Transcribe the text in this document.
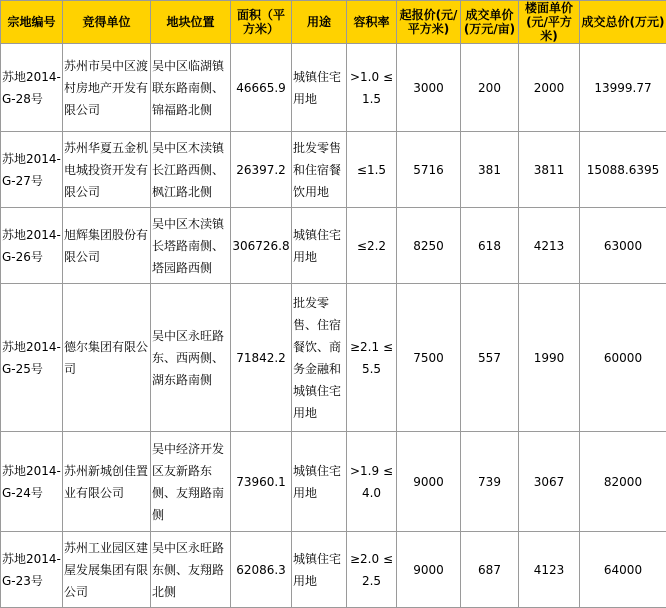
宗地编号	竞得单位	地块位置	面积（平方米）	用途	容积率	起报价(元/平方米)	成交单价(万元/亩)	楼面单价(元/平方米)	成交总价(万元)
苏地2014-G-28号	苏州市吴中区渡村房地产开发有限公司	吴中区临湖镇联东路南侧、锦福路北侧	46665.9	城镇住宅用地	>1.0 ≤1.5	3000	200	2000	13999.77
苏地2014-G-27号	苏州华夏五金机电城投资开发有限公司	吴中区木渎镇长江路西侧、枫江路北侧	26397.2	批发零售和住宿餐饮用地	≤1.5	5716	381	3811	15088.6395
苏地2014-G-26号	旭辉集团股份有限公司	吴中区木渎镇长塔路南侧、塔园路西侧	306726.8	城镇住宅用地	≤2.2	8250	618	4213	63000
苏地2014-G-25号	德尔集团有限公司	吴中区永旺路东、西两侧、湖东路南侧	71842.2	批发零售、住宿餐饮、商务金融和城镇住宅用地	≥2.1 ≤5.5	7500	557	1990	60000
苏地2014-G-24号	苏州新城创佳置业有限公司	吴中经济开发区友新路东侧、友翔路南侧	73960.1	城镇住宅用地	>1.9 ≤4.0	9000	739	3067	82000
苏地2014-G-23号	苏州工业园区建屋发展集团有限公司	吴中区永旺路东侧、友翔路北侧	62086.3	城镇住宅用地	≥2.0 ≤2.5	9000	687	4123	64000
